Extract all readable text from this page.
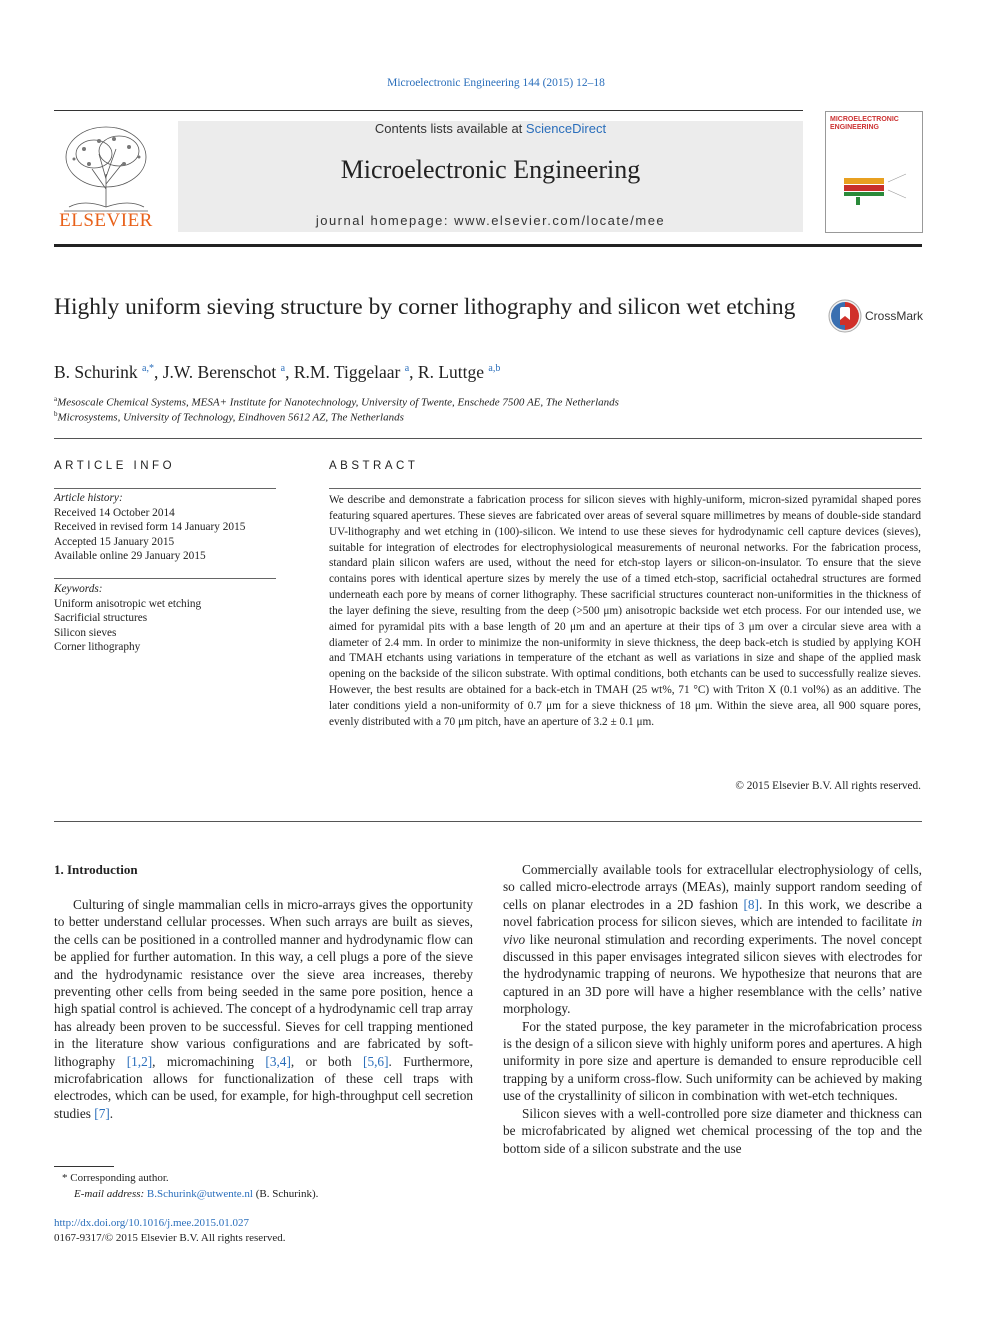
Microelectronic Engineering 144 (2015) 12–18
ELSEVIER
Contents lists available at ScienceDirect
Microelectronic Engineering
journal homepage: www.elsevier.com/locate/mee
MICROELECTRONIC
ENGINEERING
Highly uniform sieving structure by corner lithography and silicon wet etching	CrossMark
B. Schurink $^{a,*}$, J.W. Berenschot $^a$, R.M. Tiggelaar $^a$, R. Luttge $^{a,b}$
$^a$Mesoscale Chemical Systems, MESA+ Institute for Nanotechnology, University of Twente, Enschede 7500 AE, The Netherlands
$^b$Microsystems, University of Technology, Eindhoven 5612 AZ, The Netherlands
ARTICLE INFO
Article history:
Received 14 October 2014
Received in revised form 14 January 2015
Accepted 15 January 2015
Available online 29 January 2015
Keywords:
Uniform anisotropic wet etching
Sacrificial structures
Silicon sieves
Corner lithography
ABSTRACT
We describe and demonstrate a fabrication process for silicon sieves with highly-uniform, micron-sized pyramidal shaped pores featuring squared apertures. These sieves are fabricated over areas of several square millimetres by means of double-side standard UV-lithography and wet etching in (100)-silicon. We intend to use these sieves for hydrodynamic cell capture devices (sieves), suitable for integration of electrodes for electrophysiological measurements of neuronal networks. For the fabrication process, standard plain silicon wafers are used, without the need for etch-stop layers or silicon-on-insulator. To ensure that the sieve contains pores with identical aperture sizes by merely the use of a timed etch-stop, sacrificial octahedral structures are formed underneath each pore by means of corner lithography. These sacrificial structures counteract non-uniformities in the thickness of the layer defining the sieve, resulting from the deep (>500 μm) anisotropic backside wet etch process. For our intended use, we aimed for pyramidal pits with a base length of 20 μm and an aperture at their tips of 3 μm over a circular sieve area with a diameter of 2.4 mm. In order to minimize the non-uniformity in sieve thickness, the deep back-etch is studied by applying KOH and TMAH etchants using variations in temperature of the etchant as well as variations in size and shape of the applied mask opening on the backside of the silicon substrate. With optimal conditions, both etchants can be used to successfully realize sieves. However, the best results are obtained for a back-etch in TMAH (25 wt%, 71 °C) with Triton X (0.1 vol%) as an additive. The later conditions yield a non-uniformity of 0.7 μm for a sieve thickness of 18 μm. Within the sieve area, all 900 square pores, evenly distributed with a 70 μm pitch, have an aperture of 3.2 ± 0.1 μm.
© 2015 Elsevier B.V. All rights reserved.
1. Introduction

Culturing of single mammalian cells in micro-arrays gives the opportunity to better understand cellular processes. When such arrays are built as sieves, the cells can be positioned in a controlled manner and hydrodynamic flow can be applied for further automation. In this way, a cell plugs a pore of the sieve and the hydrodynamic resistance over the sieve area increases, thereby preventing other cells from being seeded in the same pore position, hence a high spatial control is achieved. The concept of a hydrodynamic cell trap array has already been proven to be successful. Sieves for cell trapping mentioned in the literature show various configurations and are fabricated by soft-lithography [1,2], micromachining [3,4], or both [5,6]. Furthermore, microfabrication allows for functionalization of these cell traps with electrodes, which can be used, for example, for high-throughput cell secretion studies [7].

Commercially available tools for extracellular electrophysiology of cells, so called micro-electrode arrays (MEAs), mainly support random seeding of cells on planar electrodes in a 2D fashion [8]. In this work, we describe a novel fabrication process for silicon sieves, which are intended to facilitate in vivo like neuronal stimulation and recording experiments. The novel concept discussed in this paper envisages integrated silicon sieves with electrodes for the hydrodynamic trapping of neurons. We hypothesize that neurons that are captured in an 3D pore will have a higher resemblance with the cells’ native morphology.

For the stated purpose, the key parameter in the microfabrication process is the design of a silicon sieve with highly uniform pores and apertures. A high uniformity in pore size and aperture is demanded to ensure reproducible cell trapping by a uniform cross-flow. Such uniformity can be achieved by making use of the crystallinity of silicon in combination with wet-etch techniques.

Silicon sieves with a well-controlled pore size diameter and thickness can be microfabricated by aligned wet chemical processing of the top and the bottom side of a silicon substrate and the use

* Corresponding author.
E-mail address: B.Schurink@utwente.nl (B. Schurink).
http://dx.doi.org/10.1016/j.mee.2015.01.027
0167-9317/© 2015 Elsevier B.V. All rights reserved.
